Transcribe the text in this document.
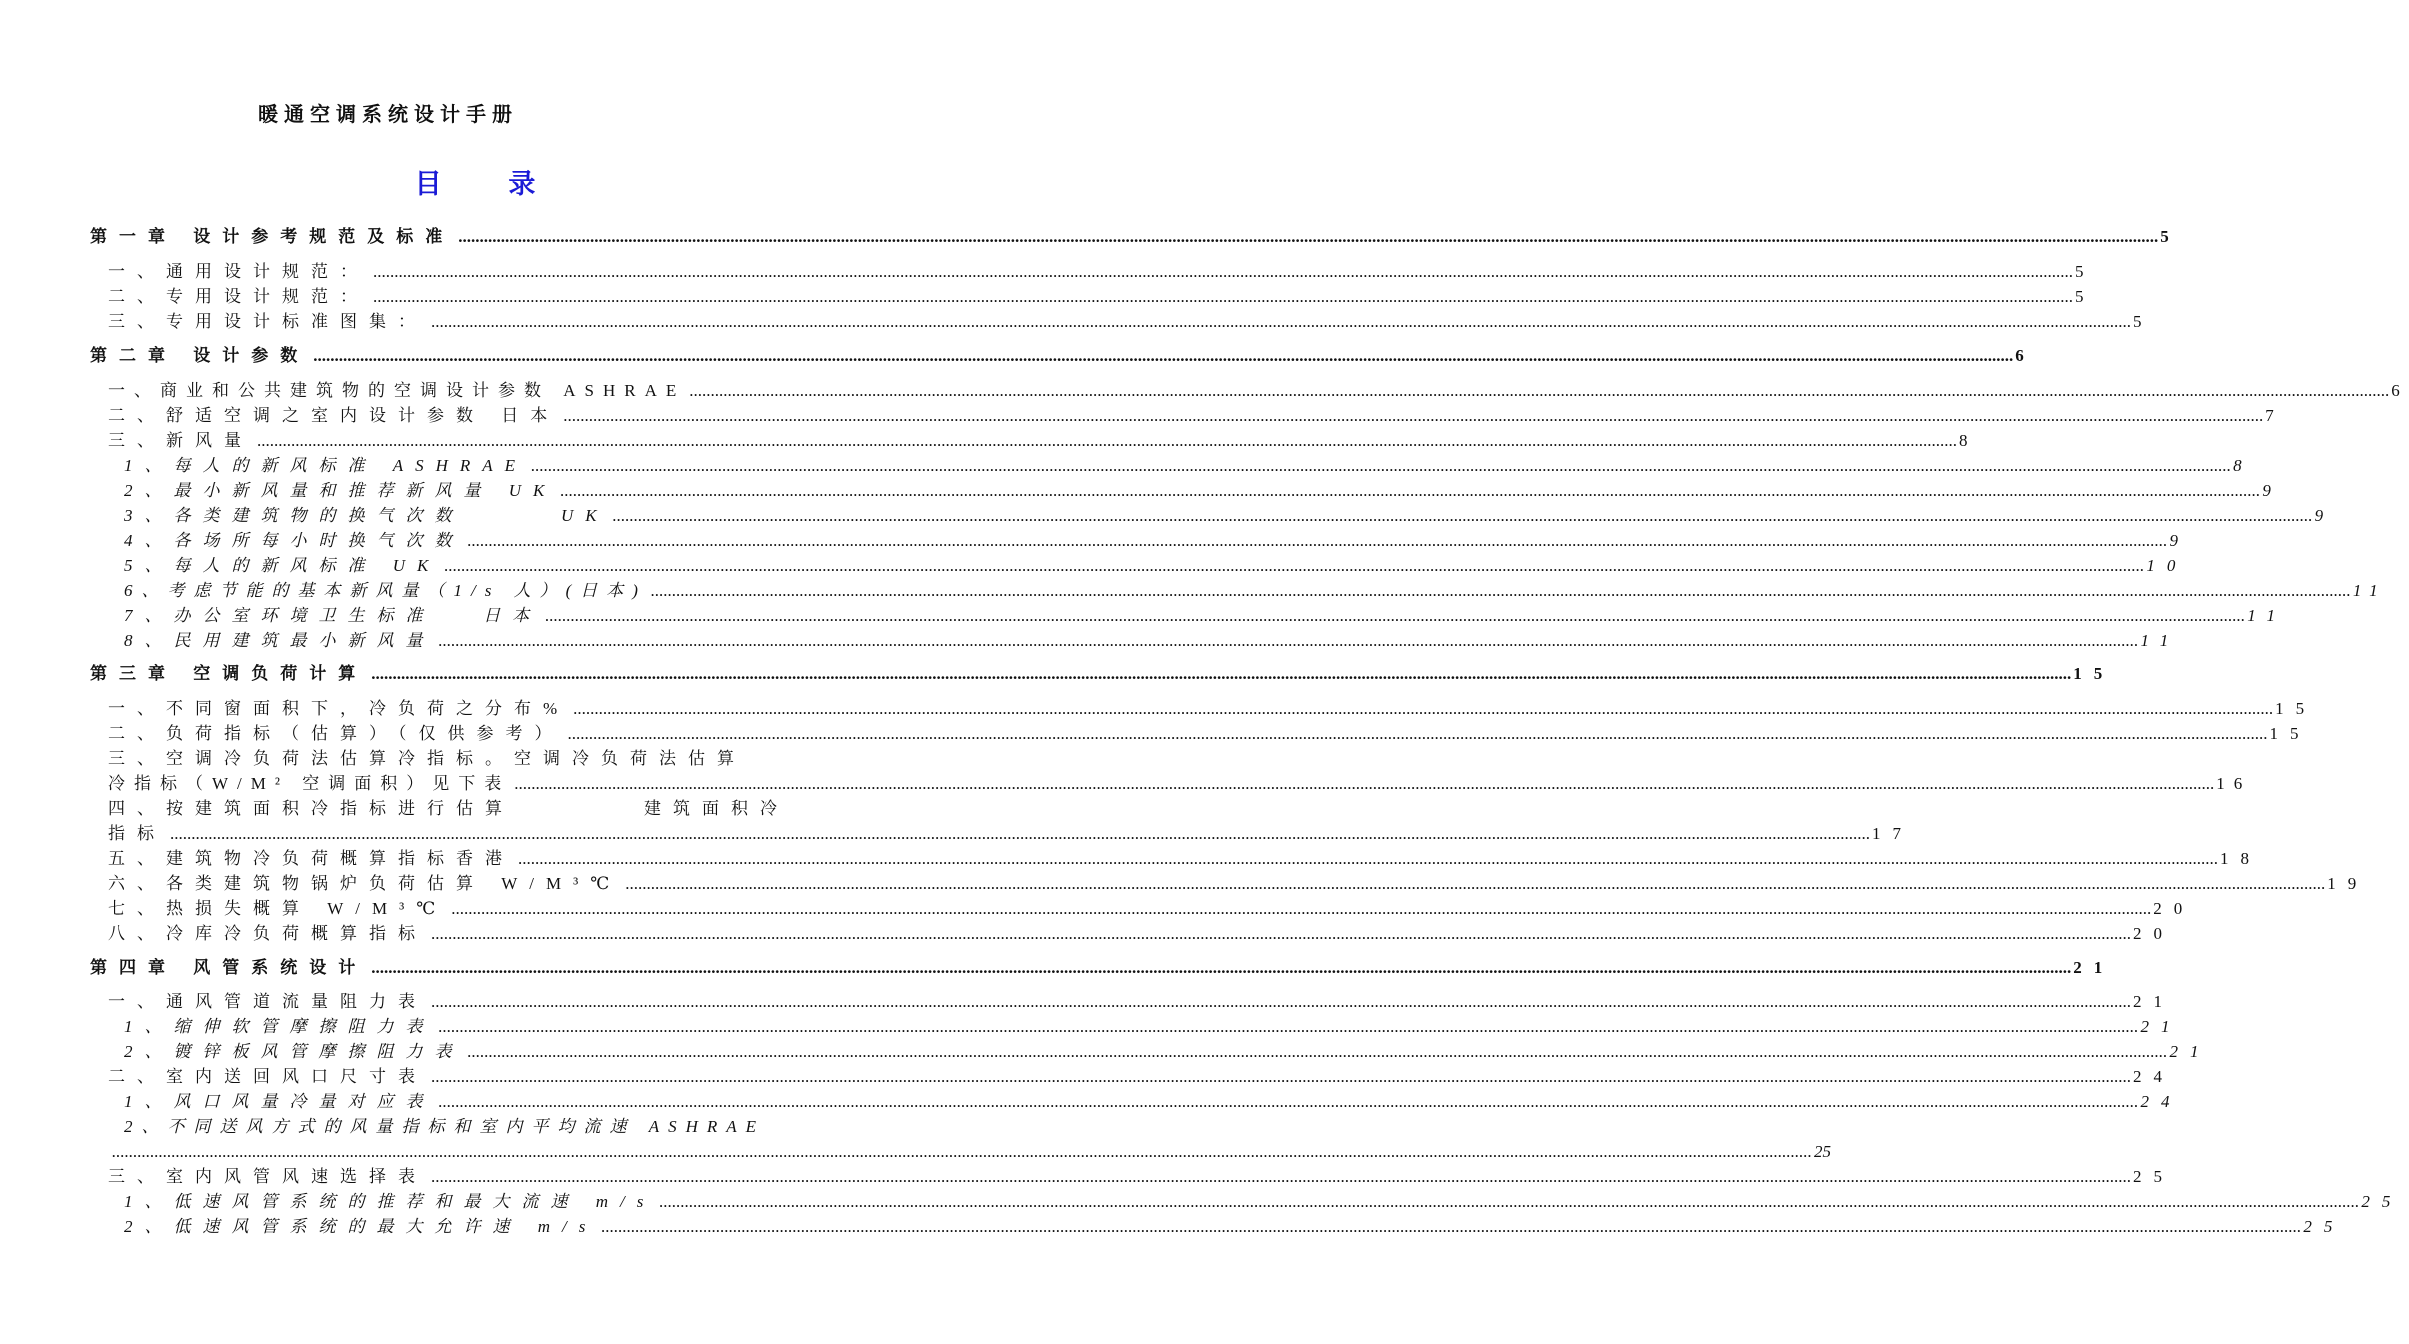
暖通空调系统设计手册
目 录
第一章 设计参考规范及标准 ................................................................................................................................................................................................................................................................................................................................................................................................................ 5
一、通用设计规范： ................................................................................................................................................................................................................................................................................................................................................................................................................ 5
二、专用设计规范： ................................................................................................................................................................................................................................................................................................................................................................................................................ 5
三、专用设计标准图集： ................................................................................................................................................................................................................................................................................................................................................................................................................ 5
第二章 设计参数 ................................................................................................................................................................................................................................................................................................................................................................................................................ 6
一、商业和公共建筑物的空调设计参数 ASHRAE ................................................................................................................................................................................................................................................................................................................................................................................................................ 6
二、舒适空调之室内设计参数 日本 ................................................................................................................................................................................................................................................................................................................................................................................................................ 7
三、新风量 ................................................................................................................................................................................................................................................................................................................................................................................................................ 8
1、每人的新风标准 ASHRAE ................................................................................................................................................................................................................................................................................................................................................................................................................ 8
2、最小新风量和推荐新风量 UK ................................................................................................................................................................................................................................................................................................................................................................................................................ 9
3、各类建筑物的换气次数      UK ................................................................................................................................................................................................................................................................................................................................................................................................................ 9
4、各场所每小时换气次数 ................................................................................................................................................................................................................................................................................................................................................................................................................ 9
5、每人的新风标准 UK ................................................................................................................................................................................................................................................................................................................................................................................................................ 10
6、考虑节能的基本新风量（1/s 人）(日本) ................................................................................................................................................................................................................................................................................................................................................................................................................ 11
7、办公室环境卫生标准   日本 ................................................................................................................................................................................................................................................................................................................................................................................................................ 11
8、民用建筑最小新风量 ................................................................................................................................................................................................................................................................................................................................................................................................................ 11
第三章 空调负荷计算 ................................................................................................................................................................................................................................................................................................................................................................................................................ 15
一、不同窗面积下，冷负荷之分布% ................................................................................................................................................................................................................................................................................................................................................................................................................ 15
二、负荷指标（估算）（仅供参考） ................................................................................................................................................................................................................................................................................................................................................................................................................ 15
三、空调冷负荷法估算冷指标。空调冷负荷法估算
冷指标（W/M² 空调面积）见下表 ................................................................................................................................................................................................................................................................................................................................................................................................................ 16
四、按建筑面积冷指标进行估算        建筑面积冷
指标 ................................................................................................................................................................................................................................................................................................................................................................................................................ 17
五、建筑物冷负荷概算指标香港 ................................................................................................................................................................................................................................................................................................................................................................................................................ 18
六、各类建筑物锅炉负荷估算 W/M³℃ ................................................................................................................................................................................................................................................................................................................................................................................................................ 19
七、热损失概算 W/M³℃ ................................................................................................................................................................................................................................................................................................................................................................................................................ 20
八、冷库冷负荷概算指标 ................................................................................................................................................................................................................................................................................................................................................................................................................ 20
第四章 风管系统设计 ................................................................................................................................................................................................................................................................................................................................................................................................................ 21
一、通风管道流量阻力表 ................................................................................................................................................................................................................................................................................................................................................................................................................ 21
1、缩伸软管摩擦阻力表 ................................................................................................................................................................................................................................................................................................................................................................................................................ 21
2、镀锌板风管摩擦阻力表 ................................................................................................................................................................................................................................................................................................................................................................................................................ 21
二、室内送回风口尺寸表 ................................................................................................................................................................................................................................................................................................................................................................................................................ 24
1、风口风量冷量对应表 ................................................................................................................................................................................................................................................................................................................................................................................................................ 24
2、不同送风方式的风量指标和室内平均流速 ASHRAE
................................................................................................................................................................................................................................................................................................................................................................................................................ 25
三、室内风管风速选择表 ................................................................................................................................................................................................................................................................................................................................................................................................................ 25
1、低速风管系统的推荐和最大流速 m/s ................................................................................................................................................................................................................................................................................................................................................................................................................ 25
2、低速风管系统的最大允许速 m/s ................................................................................................................................................................................................................................................................................................................................................................................................................ 25
